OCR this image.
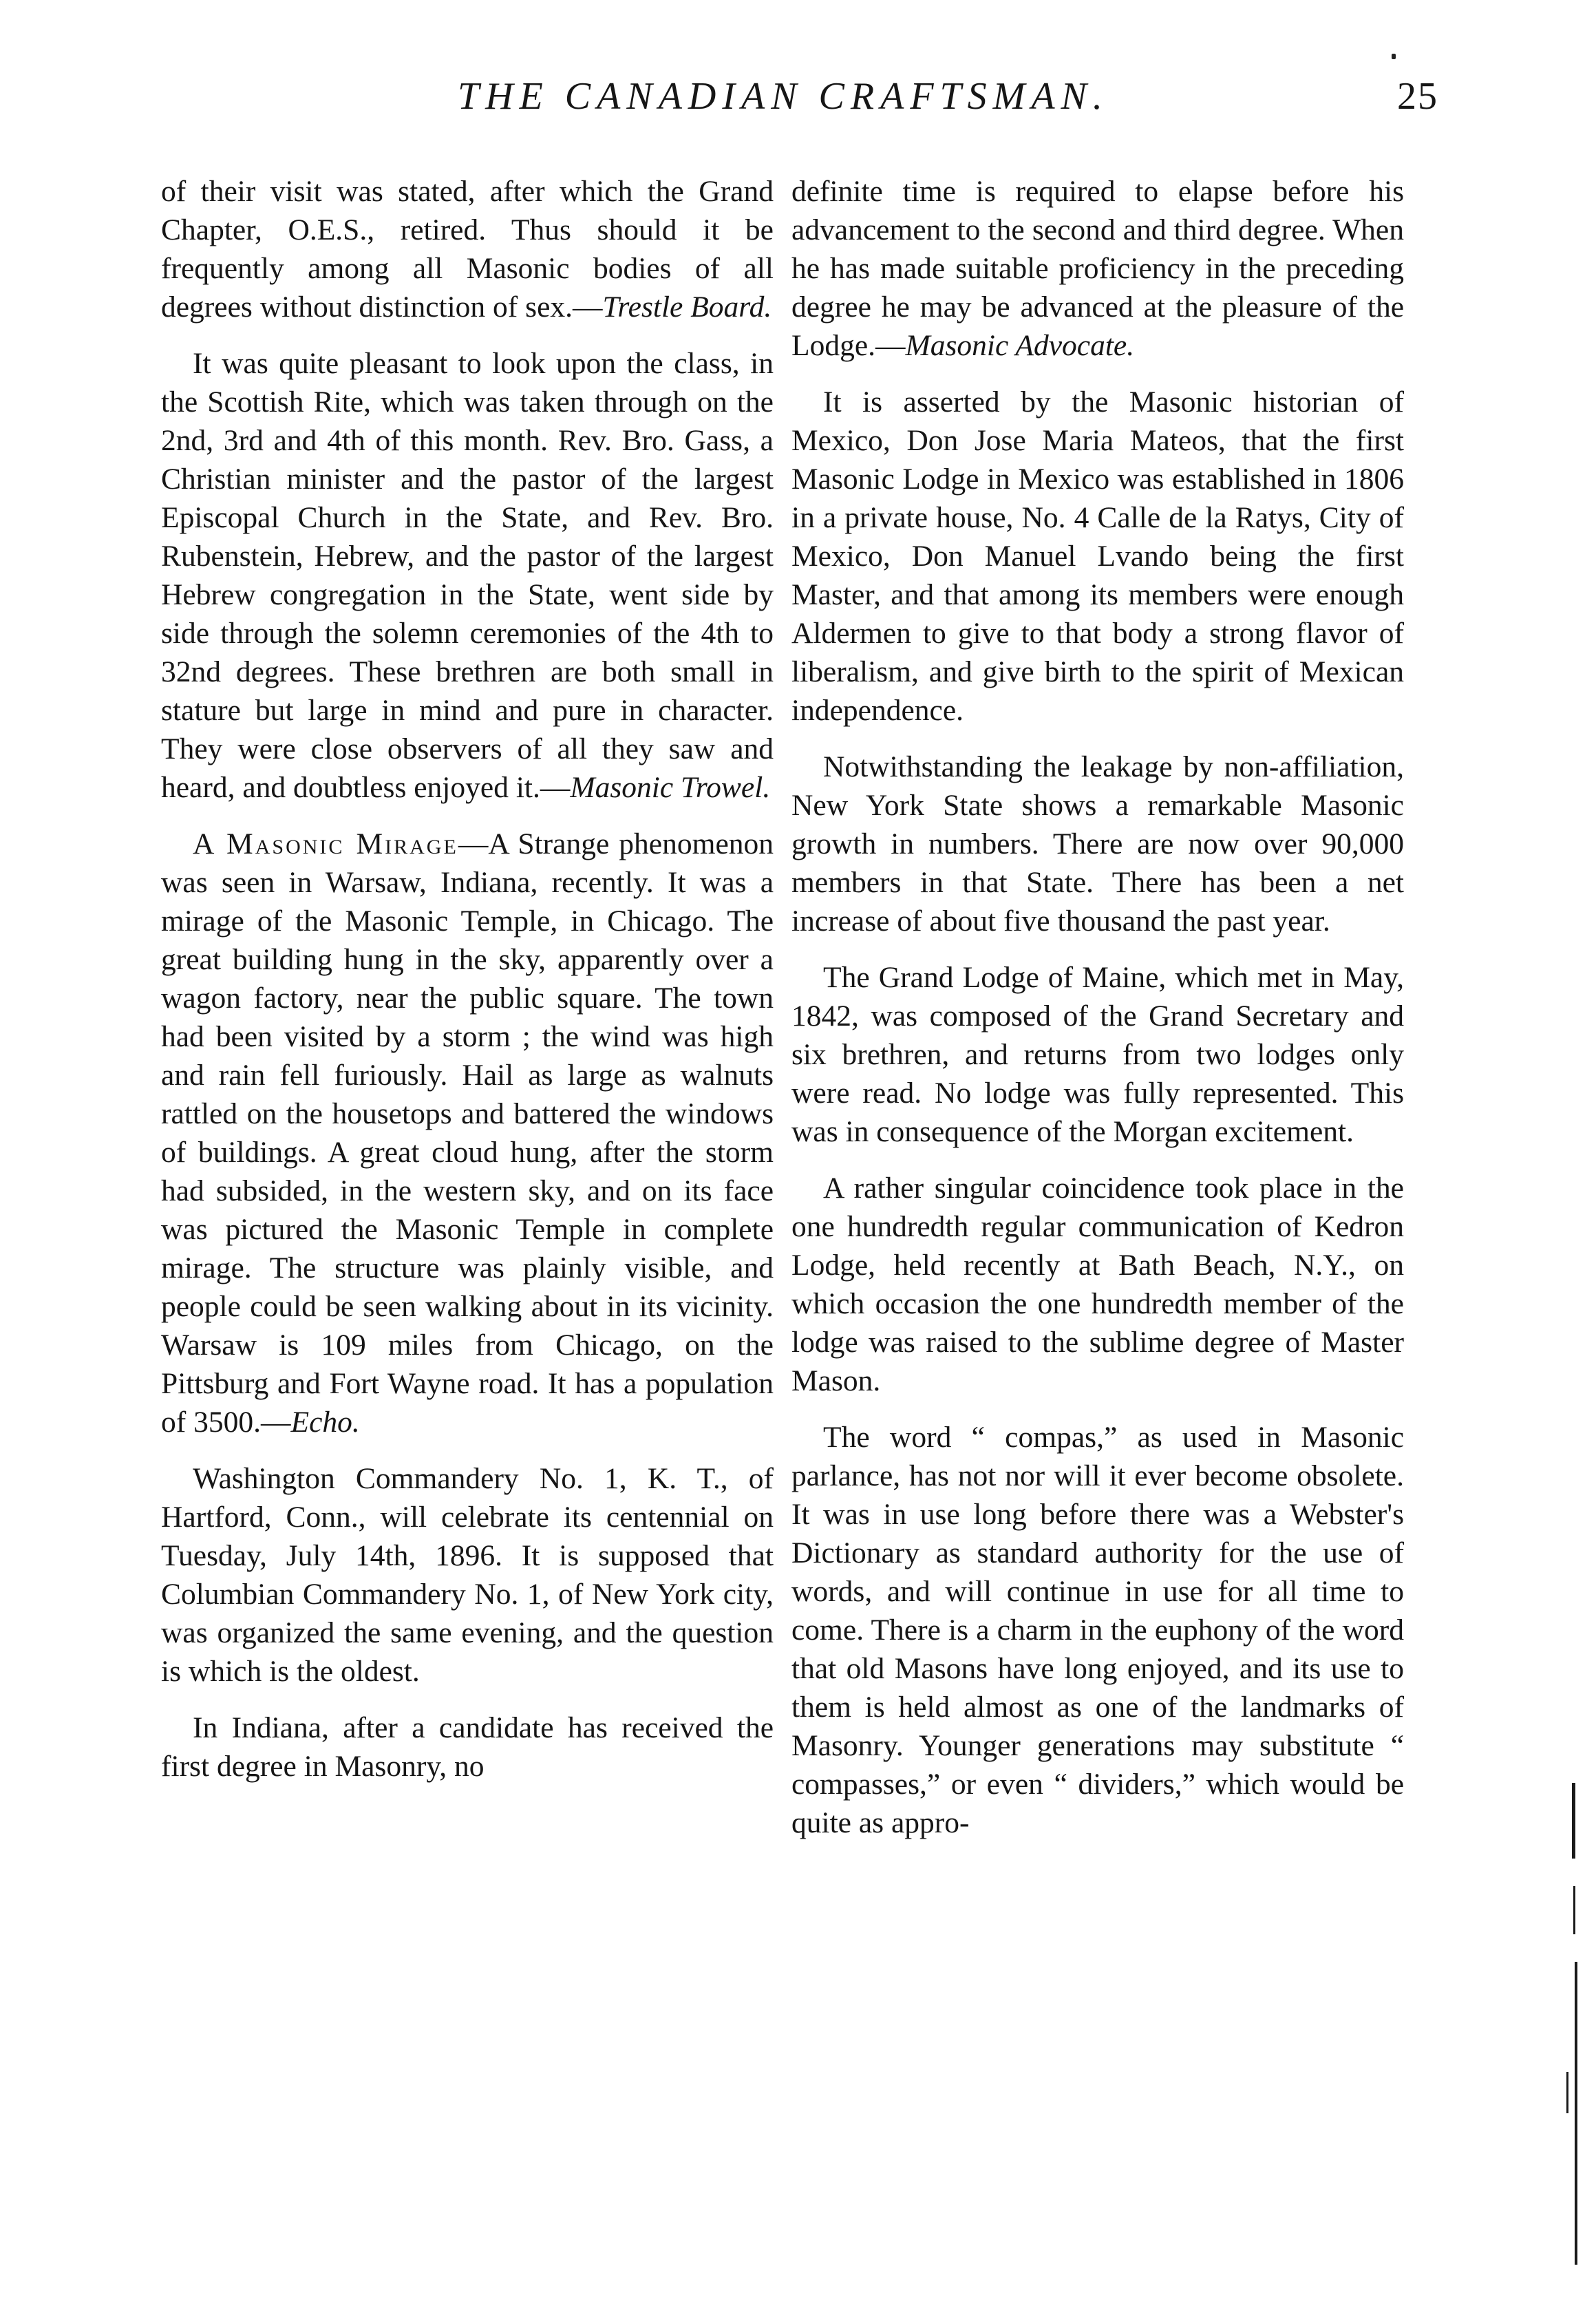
THE CANADIAN CRAFTSMAN.	25

of their visit was stated, after which the Grand Chapter, O.E.S., retired. Thus should it be frequently among all Masonic bodies of all degrees without distinction of sex.—Trestle Board.

It was quite pleasant to look upon the class, in the Scottish Rite, which was taken through on the 2nd, 3rd and 4th of this month. Rev. Bro. Gass, a Christian minister and the pastor of the largest Episcopal Church in the State, and Rev. Bro. Rubenstein, Hebrew, and the pastor of the largest Hebrew congregation in the State, went side by side through the solemn ceremonies of the 4th to 32nd degrees. These brethren are both small in stature but large in mind and pure in character. They were close observers of all they saw and heard, and doubtless enjoyed it.—Masonic Trowel.

A Masonic Mirage—A Strange phenomenon was seen in Warsaw, Indiana, recently. It was a mirage of the Masonic Temple, in Chicago. The great building hung in the sky, apparently over a wagon factory, near the public square. The town had been visited by a storm ; the wind was high and rain fell furiously. Hail as large as walnuts rattled on the housetops and battered the windows of buildings. A great cloud hung, after the storm had subsided, in the western sky, and on its face was pictured the Masonic Temple in complete mirage. The structure was plainly visible, and people could be seen walking about in its vicinity. Warsaw is 109 miles from Chicago, on the Pittsburg and Fort Wayne road. It has a population of 3500.—Echo.

Washington Commandery No. 1, K. T., of Hartford, Conn., will celebrate its centennial on Tuesday, July 14th, 1896. It is supposed that Columbian Commandery No. 1, of New York city, was organized the same evening, and the question is which is the oldest.

In Indiana, after a candidate has received the first degree in Masonry, no

definite time is required to elapse before his advancement to the second and third degree. When he has made suitable proficiency in the preceding degree he may be advanced at the pleasure of the Lodge.—Masonic Advocate.

It is asserted by the Masonic historian of Mexico, Don Jose Maria Mateos, that the first Masonic Lodge in Mexico was established in 1806 in a private house, No. 4 Calle de la Ratys, City of Mexico, Don Manuel Lvando being the first Master, and that among its members were enough Aldermen to give to that body a strong flavor of liberalism, and give birth to the spirit of Mexican independence.

Notwithstanding the leakage by non-affiliation, New York State shows a remarkable Masonic growth in numbers. There are now over 90,000 members in that State. There has been a net increase of about five thousand the past year.

The Grand Lodge of Maine, which met in May, 1842, was composed of the Grand Secretary and six brethren, and returns from two lodges only were read. No lodge was fully represented. This was in consequence of the Morgan excitement.

A rather singular coincidence took place in the one hundredth regular communication of Kedron Lodge, held recently at Bath Beach, N.Y., on which occasion the one hundredth member of the lodge was raised to the sublime degree of Master Mason.

The word “ compas,” as used in Masonic parlance, has not nor will it ever become obsolete. It was in use long before there was a Webster's Dictionary as standard authority for the use of words, and will continue in use for all time to come. There is a charm in the euphony of the word that old Masons have long enjoyed, and its use to them is held almost as one of the landmarks of Masonry. Younger generations may substitute “ compasses,” or even “ dividers,” which would be quite as appro-
